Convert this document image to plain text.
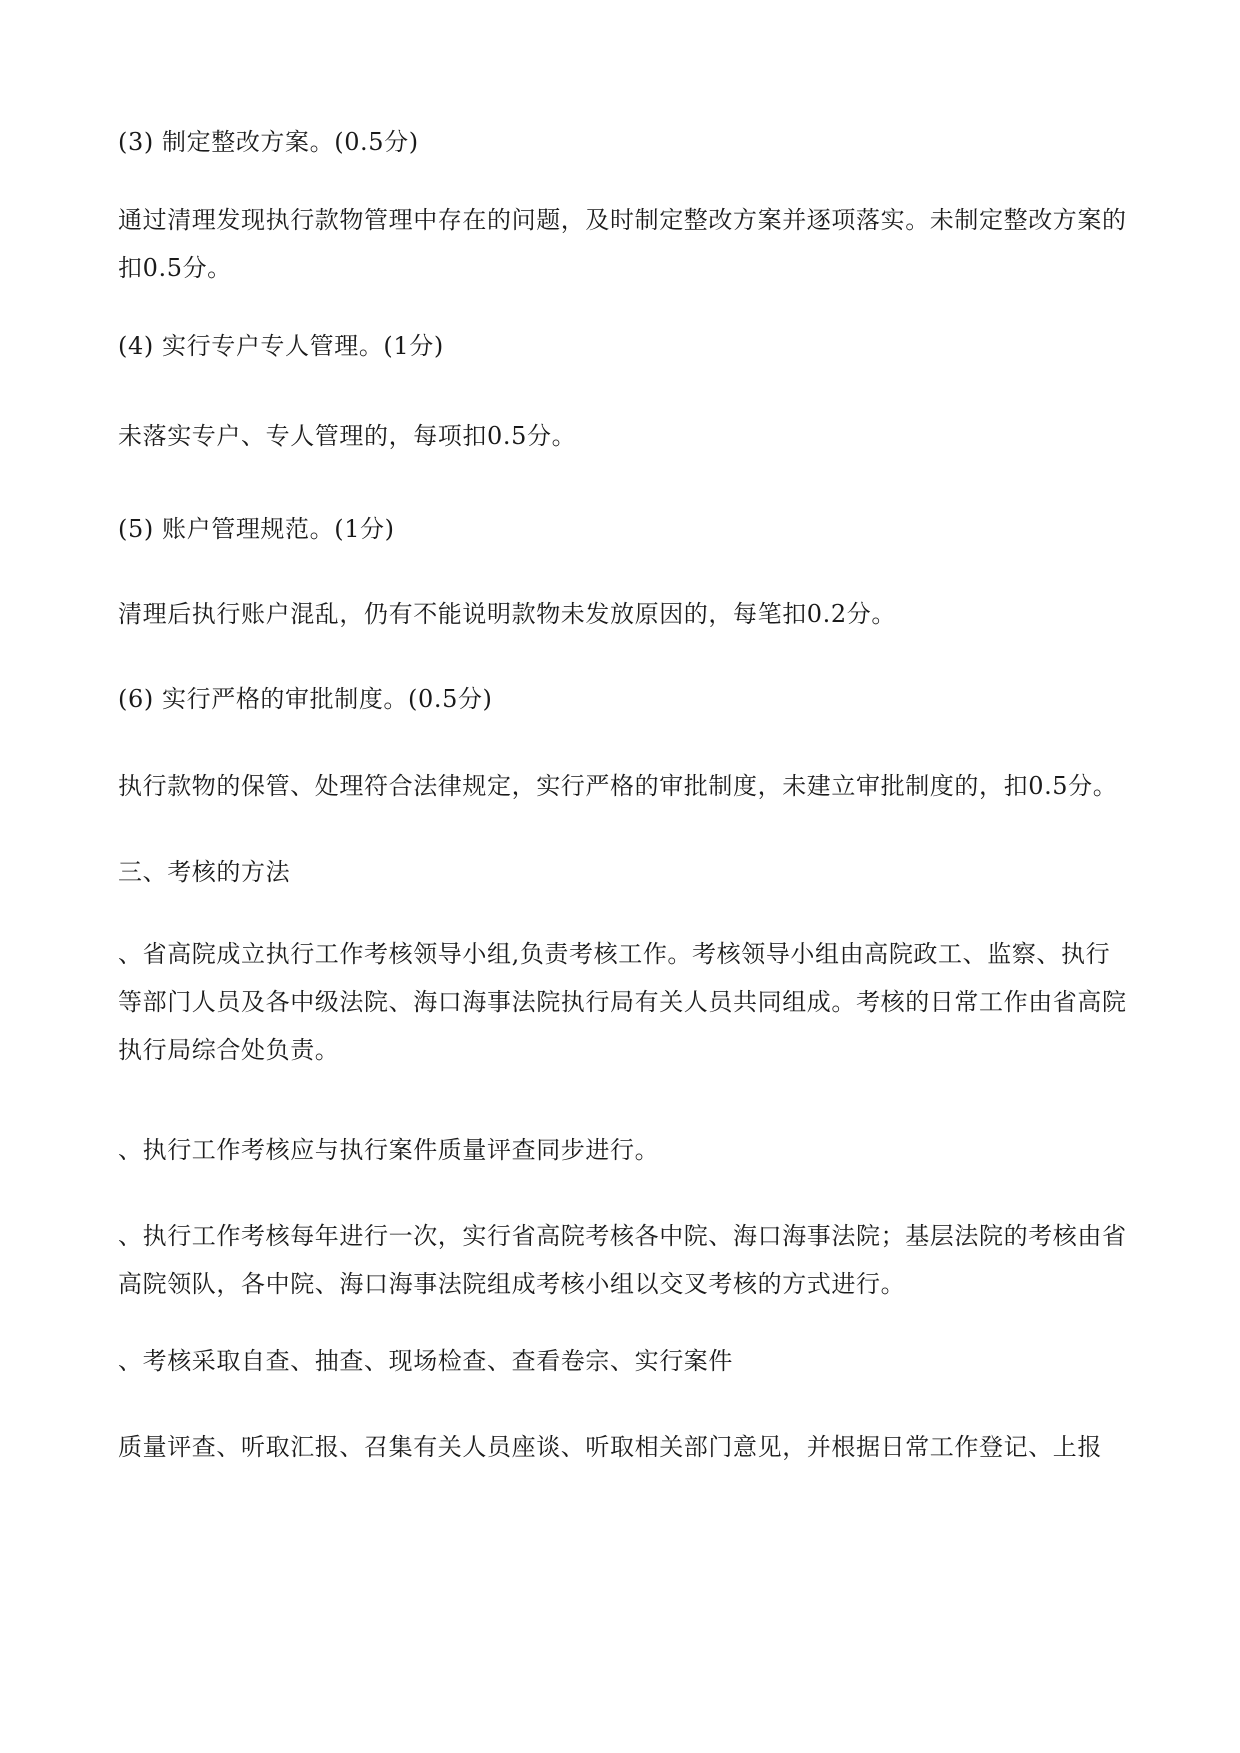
(3) 制定整改方案。(0.5分)

通过清理发现执行款物管理中存在的问题，及时制定整改方案并逐项落实。未制定整改方案的扣0.5分。

(4) 实行专户专人管理。(1分)

未落实专户、专人管理的，每项扣0.5分。

(5) 账户管理规范。(1分)

清理后执行账户混乱，仍有不能说明款物未发放原因的，每笔扣0.2分。

(6) 实行严格的审批制度。(0.5分)

执行款物的保管、处理符合法律规定，实行严格的审批制度，未建立审批制度的，扣0.5分。

三、考核的方法

、省高院成立执行工作考核领导小组,负责考核工作。考核领导小组由高院政工、监察、执行等部门人员及各中级法院、海口海事法院执行局有关人员共同组成。考核的日常工作由省高院执行局综合处负责。

、执行工作考核应与执行案件质量评查同步进行。

、执行工作考核每年进行一次，实行省高院考核各中院、海口海事法院；基层法院的考核由省高院领队，各中院、海口海事法院组成考核小组以交叉考核的方式进行。

、考核采取自查、抽查、现场检查、查看卷宗、实行案件

质量评查、听取汇报、召集有关人员座谈、听取相关部门意见，并根据日常工作登记、上报
